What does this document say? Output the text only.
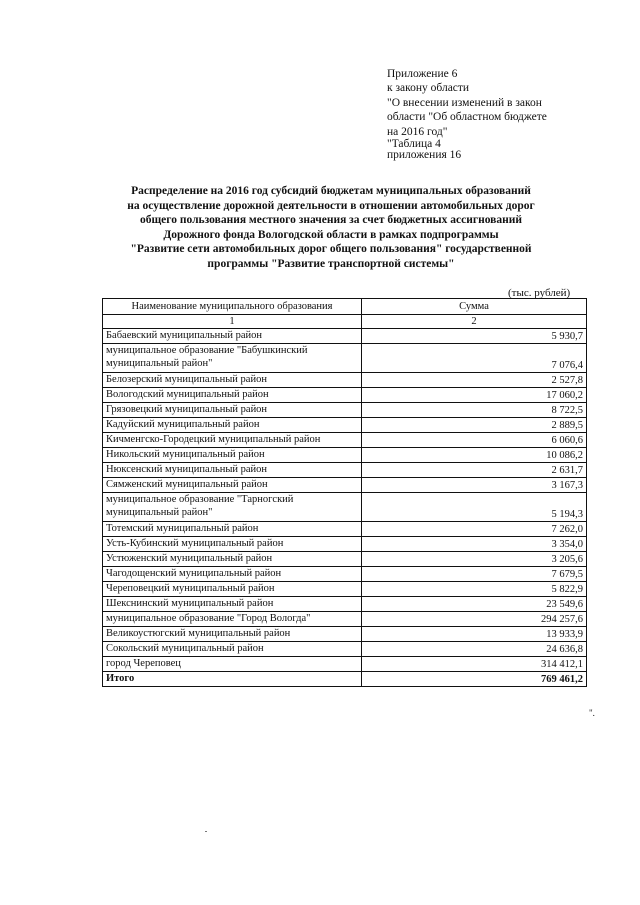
Приложение 6
к закону области
"О внесении изменений в закон
области "Об областном бюджете
на 2016 год"
"Таблица 4
приложения 16
Распределение на 2016 год субсидий бюджетам муниципальных образований
на осуществление дорожной деятельности в отношении автомобильных дорог
общего пользования местного значения за счет бюджетных ассигнований
Дорожного фонда Вологодской области в рамках подпрограммы
"Развитие сети автомобильных дорог общего пользования" государственной
программы "Развитие транспортной системы"
(тыс. рублей)
Наименование муниципального образования	Сумма
1	2
Бабаевский муниципальный район	5 930,7
муниципальное образование "Бабушкинский муниципальный район"	7 076,4
Белозерский муниципальный район	2 527,8
Вологодский муниципальный район	17 060,2
Грязовецкий муниципальный район	8 722,5
Кадуйский муниципальный район	2 889,5
Кичменгско-Городецкий муниципальный район	6 060,6
Никольский муниципальный район	10 086,2
Нюксенский муниципальный район	2 631,7
Сямженский муниципальный район	3 167,3
муниципальное образование "Тарногский муниципальный район"	5 194,3
Тотемский муниципальный район	7 262,0
Усть-Кубинский муниципальный район	3 354,0
Устюженский муниципальный район	3 205,6
Чагодощенский муниципальный район	7 679,5
Череповецкий муниципальный район	5 822,9
Шекснинский муниципальный район	23 549,6
муниципальное образование "Город Вологда"	294 257,6
Великоустюгский муниципальный район	13 933,9
Сокольский муниципальный район	24 636,8
город Череповец	314 412,1
Итого	769 461,2
".
